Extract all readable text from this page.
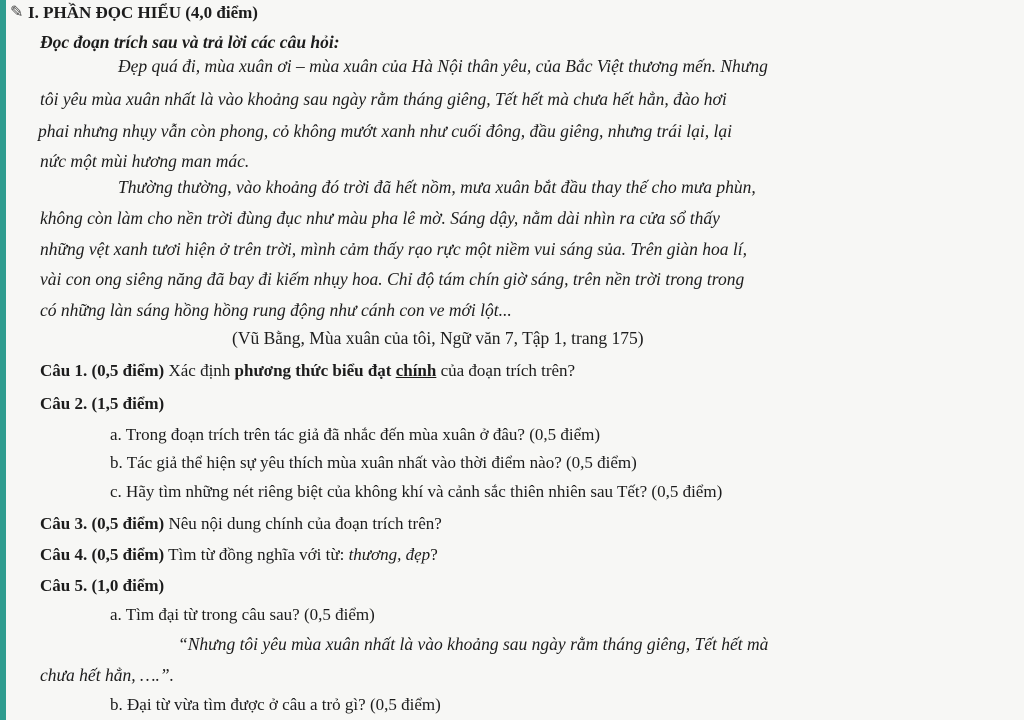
✎ I. PHẦN ĐỌC HIỂU (4,0 điểm)
Đọc đoạn trích sau và trả lời các câu hỏi:
Đẹp quá đi, mùa xuân ơi – mùa xuân của Hà Nội thân yêu, của Bắc Việt thương mến. Nhưng
tôi yêu mùa xuân nhất là vào khoảng sau ngày rằm tháng giêng, Tết hết mà chưa hết hẳn, đào hơi
phai nhưng nhụy vẫn còn phong, cỏ không mướt xanh như cuối đông, đầu giêng, nhưng trái lại, lại
nức một mùi hương man mác.
Thường thường, vào khoảng đó trời đã hết nồm, mưa xuân bắt đầu thay thế cho mưa phùn,
không còn làm cho nền trời đùng đục như màu pha lê mờ. Sáng dậy, nằm dài nhìn ra cửa sổ thấy
những vệt xanh tươi hiện ở trên trời, mình cảm thấy rạo rực một niềm vui sáng sủa. Trên giàn hoa lí,
vài con ong siêng năng đã bay đi kiếm nhụy hoa. Chỉ độ tám chín giờ sáng, trên nền trời trong trong
có những làn sáng hồng hồng rung động như cánh con ve mới lột...
(Vũ Bằng, Mùa xuân của tôi, Ngữ văn 7, Tập 1, trang 175)
Câu 1. (0,5 điểm) Xác định phương thức biểu đạt chính của đoạn trích trên?
Câu 2. (1,5 điểm)
a. Trong đoạn trích trên tác giả đã nhắc đến mùa xuân ở đâu? (0,5 điểm)
b. Tác giả thể hiện sự yêu thích mùa xuân nhất vào thời điểm nào? (0,5 điểm)
c. Hãy tìm những nét riêng biệt của không khí và cảnh sắc thiên nhiên sau Tết? (0,5 điểm)
Câu 3. (0,5 điểm) Nêu nội dung chính của đoạn trích trên?
Câu 4. (0,5 điểm) Tìm từ đồng nghĩa với từ: thương, đẹp?
Câu 5. (1,0 điểm)
a. Tìm đại từ trong câu sau? (0,5 điểm)
“Nhưng tôi yêu mùa xuân nhất là vào khoảng sau ngày rằm tháng giêng, Tết hết mà
chưa hết hẳn, ….”.
b. Đại từ vừa tìm được ở câu a trỏ gì? (0,5 điểm)
